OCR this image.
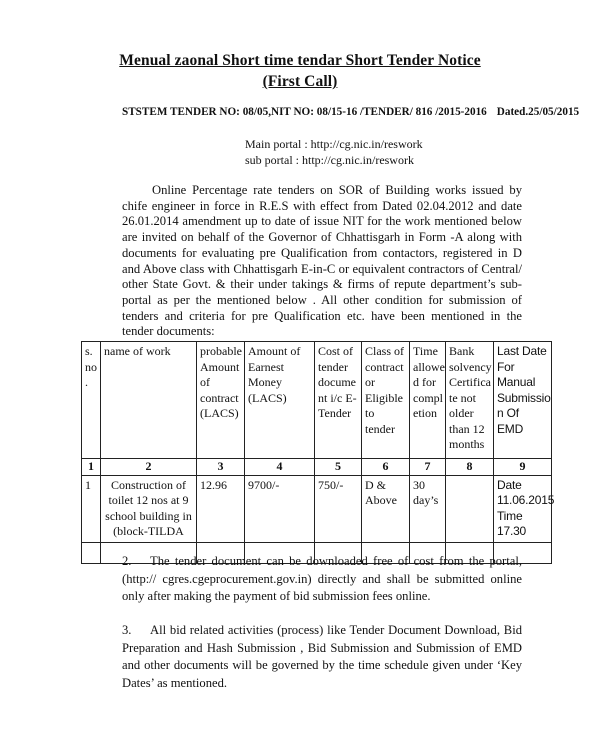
Menual zaonal Short time tendar Short Tender Notice
(First Call)
STSTEM TENDER NO: 08/05,NIT NO: 08/15-16 /TENDER/ 816 /2015-2016 Dated.25/05/2015
Main portal : http://cg.nic.in/reswork
sub portal : http://cg.nic.in/reswork
Online Percentage rate tenders on SOR of Building works issued by chife engineer in force in R.E.S with effect from Dated 02.04.2012 and date 26.01.2014 amendment up to date of issue NIT for the work mentioned below are invited on behalf of the Governor of Chhattisgarh in Form -A along with documents for evaluating pre Qualification from contactors, registered in D and Above class with Chhattisgarh E-in-C or equivalent contractors of Central/ other State Govt. & their under takings & firms of repute department’s sub-portal as per the mentioned below . All other condition for submission of tenders and criteria for pre Qualification etc. have been mentioned in the tender documents:
s. no .	name of work	probable Amount of contract (LACS)	Amount of Earnest Money (LACS)	Cost of tender docume nt i/c E-Tender	Class of contract or Eligible to tender	Time allowe d for compl etion	Bank solvency Certifica te not older than 12 months	Last Date For Manual Submissio n Of EMD
1	2	3	4	5	6	7	8	9
1	Construction of toilet 12 nos at 9 school building in (block-TILDA	12.96	9700/-	750/-	D & Above	30 day’s		Date 11.06.2015 Time 17.30

2. The tender document can be downloaded free of cost from the portal, (http:// cgres.cgeprocurement.gov.in) directly and shall be submitted online only after making the payment of bid submission fees online.
3. All bid related activities (process) like Tender Document Download, Bid Preparation and Hash Submission , Bid Submission and Submission of EMD and other documents will be governed by the time schedule given under ‘Key Dates’ as mentioned.
